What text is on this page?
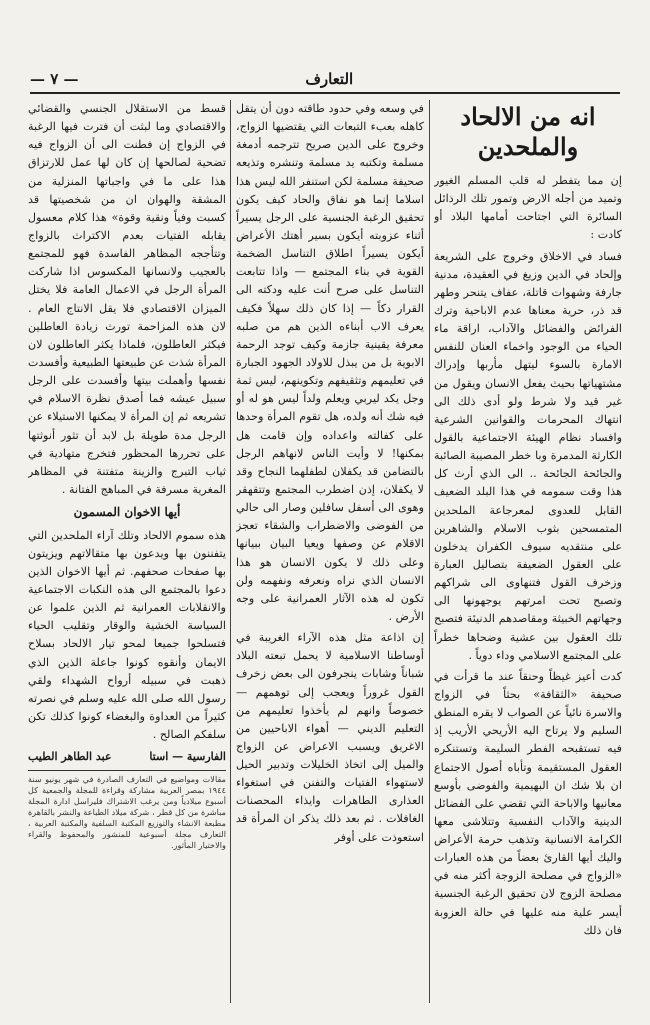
التعارف
— ٧ —
انه من الالحاد والملحدين

إن مما يتفطر له قلب المسلم الغيور وتميد من أجله الارض وتمور تلك الرذائل السائرة التي اجتاحت أمامها البلاد أو كادت :

فساد في الاخلاق وخروج على الشريعة وإلحاد في الدين وزيغ في العقيدة، مدنية جارفة وشهوات قاتلة، عفاف يتنحر وطهر قد ذر، حرية معناها عدم الاباحية وترك الفرائض والفضائل والآداب، اراقة ماء الحياء من الوجود واخماء العنان للنفس الامارة بالسوء ليتهل مأربها وإدراك مشتهياتها بحيث يفعل الانسان ويقول من غير قيد ولا شرط ولو أدى ذلك الى انتهاك المحرمات والقوانين الشرعية وافساد نظام الهيئة الاجتماعية بالقول الكارثة المدمرة وبا خطر المصيبة الصائبة والجائحة الجائحة .. الى الذي أرث كل هذا وقت سمومه في هذا البلد الضعيف القابل للعدوى لمعرجاعة الملحدين المتمسحين بثوب الاسلام والشاهرين على منتقديه سيوف الكفران يدخلون على العقول الضعيفة بتصاليل العبارة وزخرف القول فتنهاوى الى شراكهم وتصبح تحت امرتهم يوجهونها الى وجهاتهم الخبيثة ومقاصدهم الدنيئة فتصبح تلك العقول بين عشية وضحاها خطراً على المجتمع الاسلامي وداء دوياً .

كدت أعيز غيظاً وحنقاً عند ما قرأت في صحيفة «الثقافة» بحثاً في الزواج والاسرة نائياً عن الصواب لا يقره المنطق السليم ولا يرتاح اليه الأريحي الأريب إذ فيه تستقبحه الفطر السليمة وتستنكره العقول المستقيمة وتأباه أصول الاجتماع ان بلا شك ان البهيمية والفوضى بأوسع معانيها والاباحة التي تقضي على الفضائل الدينية والآداب النفسية وتتلاشى معها الكرامة الانسانية وتذهب حرمة الأعراض واليك أيها القارئ بعضاً من هذه العبارات «الزواج في مصلحة الزوجة أكثر منه في مصلحة الزوج لان تحقيق الرغبة الجنسية أيسر علية منه عليها في حالة العزوبة فان ذلك

في وسعه وفي حدود طاقته دون أن يتقل كاهله بعبء التبعات التي يقتضيها الزواج، وخروج على الدين صريح تترجمه أدمغة مسلمة وتكتبه يد مسلمة وتنشره وتذيعه صحيفة مسلمة لكن استنفر الله ليس هذا اسلاما إنما هو نفاق والحاد كيف يكون تحقيق الرغبة الجنسية على الرجل يسيراً أثناء عزوبته أيكون بسير أهتك الأعراض أيكون يسيراً اطلاق التناسل الضخمة القوية في بناء المجتمع — واذا تتابعت التناسل على صرح أنت عليه ودكته الى القرار دكاً — إذا كان ذلك سهلاً فكيف يعرف الاب أبناءه الذين هم من صلبه معرفة يقينية جازمة وكيف توجد الرحمة الابوية بل من يبذل للاولاد الجهود الجبارة في تعليمهم وتثقيفهم وتكوينهم، ليس ثمة وجل يكد ليربي ويعلم ولداً ليس هو له أو فيه شك أنه ولده، هل تقوم المرأة وحدها على كفالته واعداده وإن قامت هل بمكنها! لا وأيت الناس لانهاهم الرجل بالتضامن قد يكفلان لطفلهما النجاح وقد لا يكفلان، إذن اضطرب المجتمع وتتقهقر وهوى الى أسفل سافلين وصار الى حالي من الفوضى والاضطراب والشقاء تعجز الاقلام عن وصفها ويعيا البيان ببيانها وعلى ذلك لا يكون الانسان هو هذا الانسان الذي نراه ونعرفه ونفهمه ولن تكون له هذه الآثار العمرانية على وجه الأرض .

إن اذاعة مثل هذه الآراء الغريبة في أوساطنا الاسلامية لا يحمل تبعته البلاد شباناً وشابات ينجرفون الى بعض زخرف القول غروراً ويعجب إلى توهمهم — خصوصاً وانهم لم يأخذوا تعليمهم من التعليم الديني — أهواء الاباحيين من الاغريق ويسبب الاعراض عن الزواج والميل إلى اتخاذ الخليلات وتدبير الحيل لاستهواء الفتيات والتفنن في استغواء العذارى الطاهرات وايذاء المحصنات الغافلات . ثم بعد ذلك يذكر ان المرأة قد استعوذت على أوفر

قسط من الاستقلال الجنسي والقضائي والاقتصادي وما لبثت أن فترت فيها الرغبة في الزواج إن فطنت الى أن الزواج فيه تضحية لصالحها إن كان لها عمل للارتزاق هذا على ما في واجباتها المنزلية من المشقة والهوان ان من شخصيتها قد كسبت وفياً ونقية وقوة» هذا كلام معسول يقابله الفتيات بعدم الاكتراث بالزواج وتتأججه المظاهر الفاسدة فهو للمجتمع بالعجيب ولانسانها المكسوس اذا شاركت المرأة الرجل في الاعمال العامة فلا يختل الميزان الاقتصادي فلا يقل الانتاج العام . لان هذه المزاحمة تورث زيادة العاطلين فيكثر العاطلون، فلماذا يكثر العاطلون لان المرأة شذت عن طبيعتها الطبيعية وأفسدت نفسها وأهملت بيتها وأفسدت على الرجل سبيل عيشه فما أصدق نظرة الاسلام في تشريعه ثم إن المرأة لا يمكنها الاستيلاء عن الرجل مدة طويلة بل لابد أن تثور أنوثتها على تحررها المحظور فتخرج متهادية في ثياب التبرج والزينة متفتنة في المظاهر المغرية مسرفة في المباهج الفتانة .

أيها الاخوان المسمون

هذه سموم الالحاد وتلك آراء الملحدين التي يتفننون بها ويدعون بها متقالاتهم ويزيتون بها صفحات صحفهم. ثم أيها الاخوان الذين دعوا بالمجتمع الى هذه النكبات الاجتماعية والانقلابات العمرانية ثم الذين علموا عن السياسة الخشية والوقار وتقليب الحياء فتسلحوا جميعا لمحو تيار الالحاد بسلاح الايمان وأنقوه كونوا جاعلة الذين الذي ذهبت في سبيله أرواح الشهداء ولقي رسول الله صلى الله عليه وسلم في نصرته كثيراً من العداوة والبغضاء كونوا كذلك تكن سلفكم الصالح .

الفارسية — استا
عبد الطاهر الطيب
مقالات ومواضيع في التعارف الصادرة في شهر يونيو سنة ١٩٤٤ بمصر العربية مشاركة وقراءة للمجلة والجمعية كل أسبوع ميلادياً ومن يرغب الاشتراك فليراسل ادارة المجلة مباشرة من كل قطر ، شركة ميلاد الطباعة والنشر بالقاهرة مطبعة الانشاء والتوزيع المكتبة السلفية والمكتبة العربية ، التعارف مجلة أسبوعية للمنشور والمحفوظ والقراء والاختيار المأثور.
